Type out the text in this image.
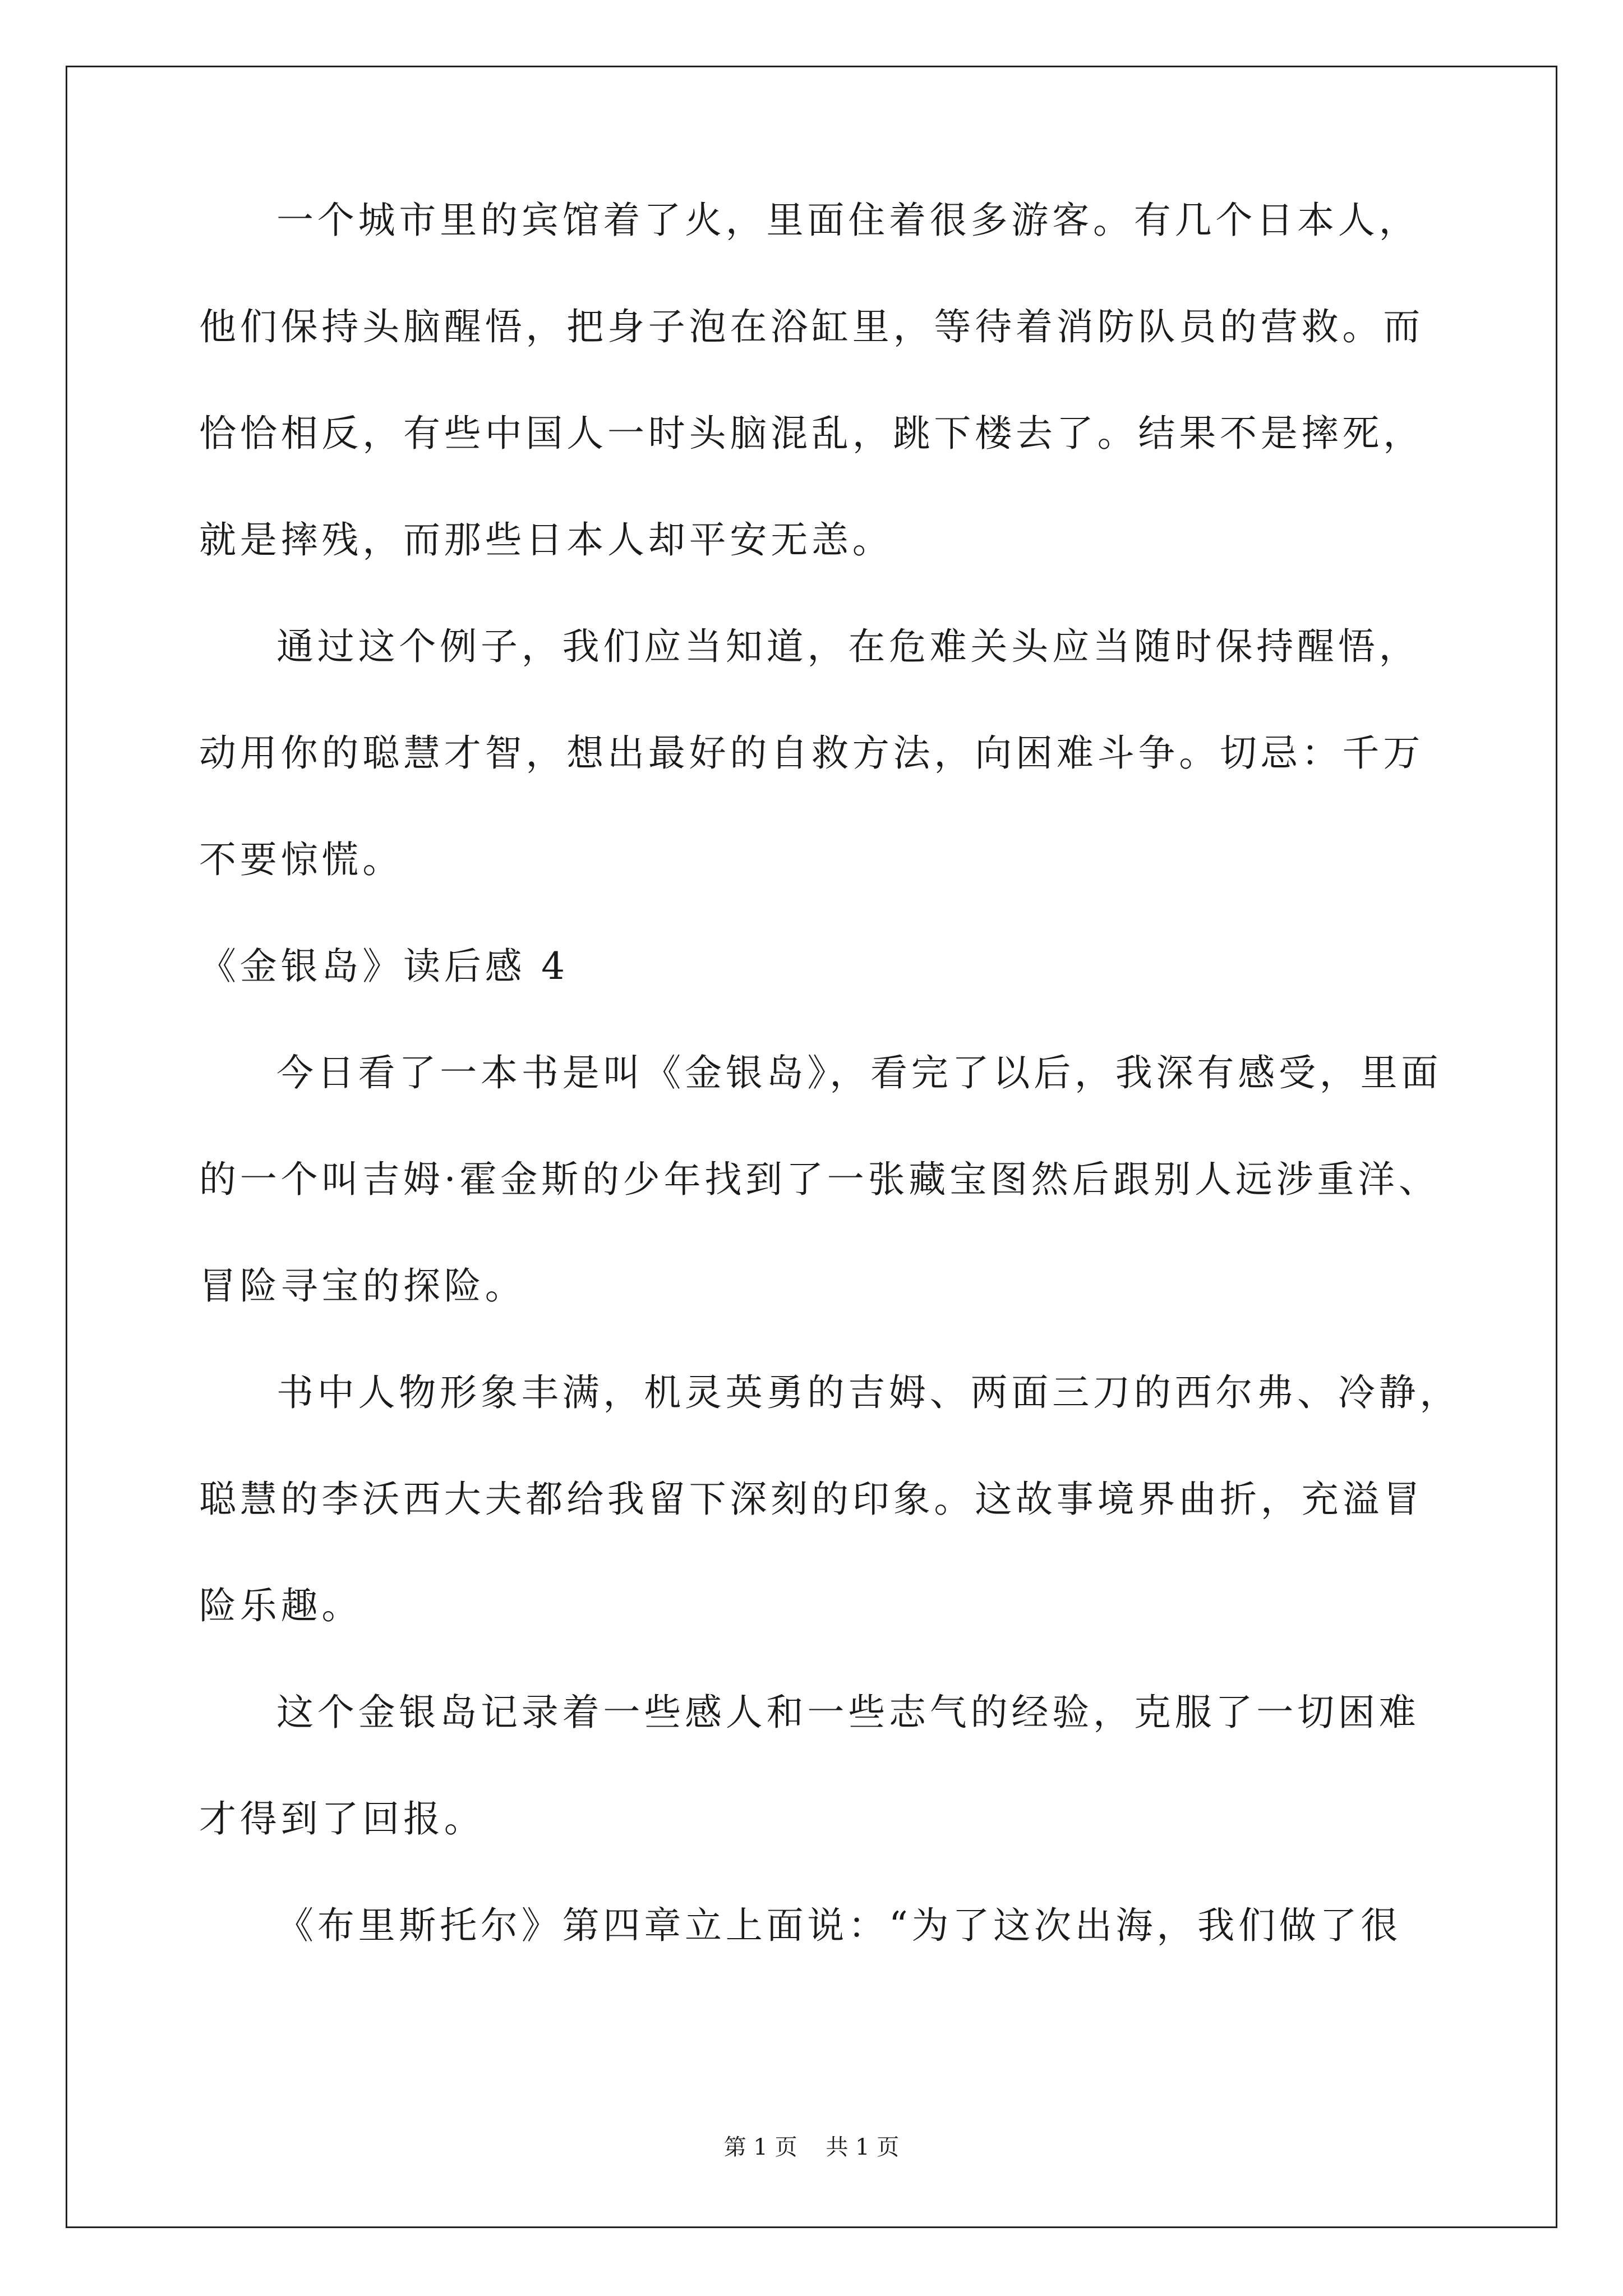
一个城市里的宾馆着了火，里面住着很多游客。有几个日本人，
他们保持头脑醒悟，把身子泡在浴缸里，等待着消防队员的营救。而
恰恰相反，有些中国人一时头脑混乱，跳下楼去了。结果不是摔死，
就是摔残，而那些日本人却平安无恙。
通过这个例子，我们应当知道，在危难关头应当随时保持醒悟，
动用你的聪慧才智，想出最好的自救方法，向困难斗争。切忌：千万
不要惊慌。
《金银岛》读后感 4
今日看了一本书是叫《金银岛》，看完了以后，我深有感受，里面
的一个叫吉姆·霍金斯的少年找到了一张藏宝图然后跟别人远涉重洋、
冒险寻宝的探险。
书中人物形象丰满，机灵英勇的吉姆、两面三刀的西尔弗、冷静，
聪慧的李沃西大夫都给我留下深刻的印象。这故事境界曲折，充溢冒
险乐趣。
这个金银岛记录着一些感人和一些志气的经验，克服了一切困难
才得到了回报。
《布里斯托尔》第四章立上面说：“为了这次出海，我们做了很
第 1 页    共 1 页
